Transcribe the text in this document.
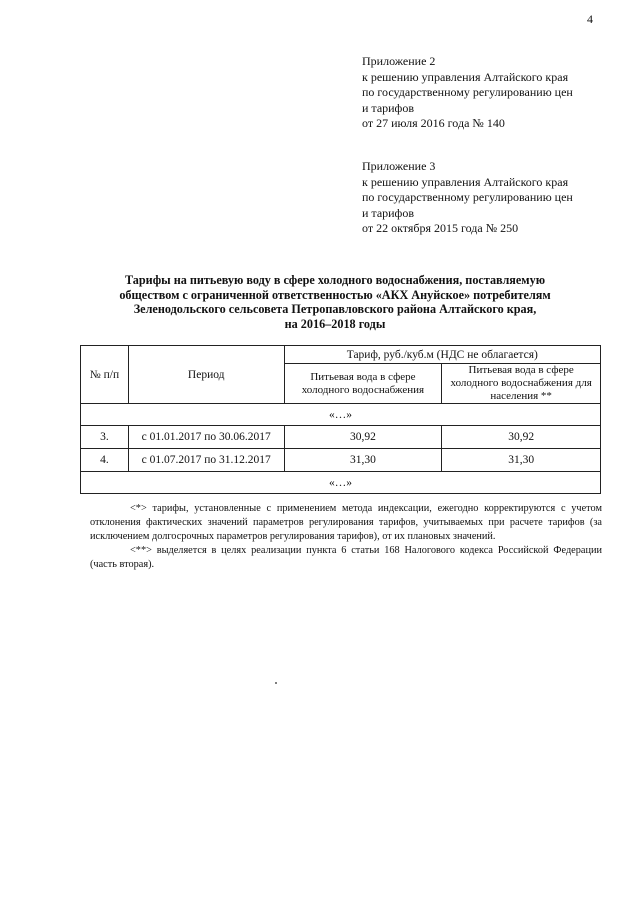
4
Приложение 2
к решению управления Алтайского края
по государственному регулированию цен
и тарифов
от 27 июля 2016 года № 140
Приложение 3
к решению управления Алтайского края
по государственному регулированию цен
и тарифов
от 22 октября 2015 года № 250
Тарифы на питьевую воду в сфере холодного водоснабжения, поставляемую
обществом с ограниченной ответственностью «АКХ Ануйское» потребителям
Зеленодольского сельсовета Петропавловского района Алтайского края,
на 2016–2018 годы
№ п/п	Период	Тариф, руб./куб.м (НДС не облагается)	
		Питьевая вода в сфере холодного водоснабжения	Питьевая вода в сфере холодного водоснабжения для населения **
«…»			
3.	с 01.01.2017 по 30.06.2017	30,92	30,92
4.	с 01.07.2017 по 31.12.2017	31,30	31,30
«…»			

<*> тарифы, установленные с применением метода индексации, ежегодно корректируются с учетом отклонения фактических значений параметров регулирования тарифов, учитываемых при расчете тарифов (за исключением долгосрочных параметров регулирования тарифов), от их плановых значений.

<**> выделяется в целях реализации пункта 6 статьи 168 Налогового кодекса Российской Федерации (часть вторая).
